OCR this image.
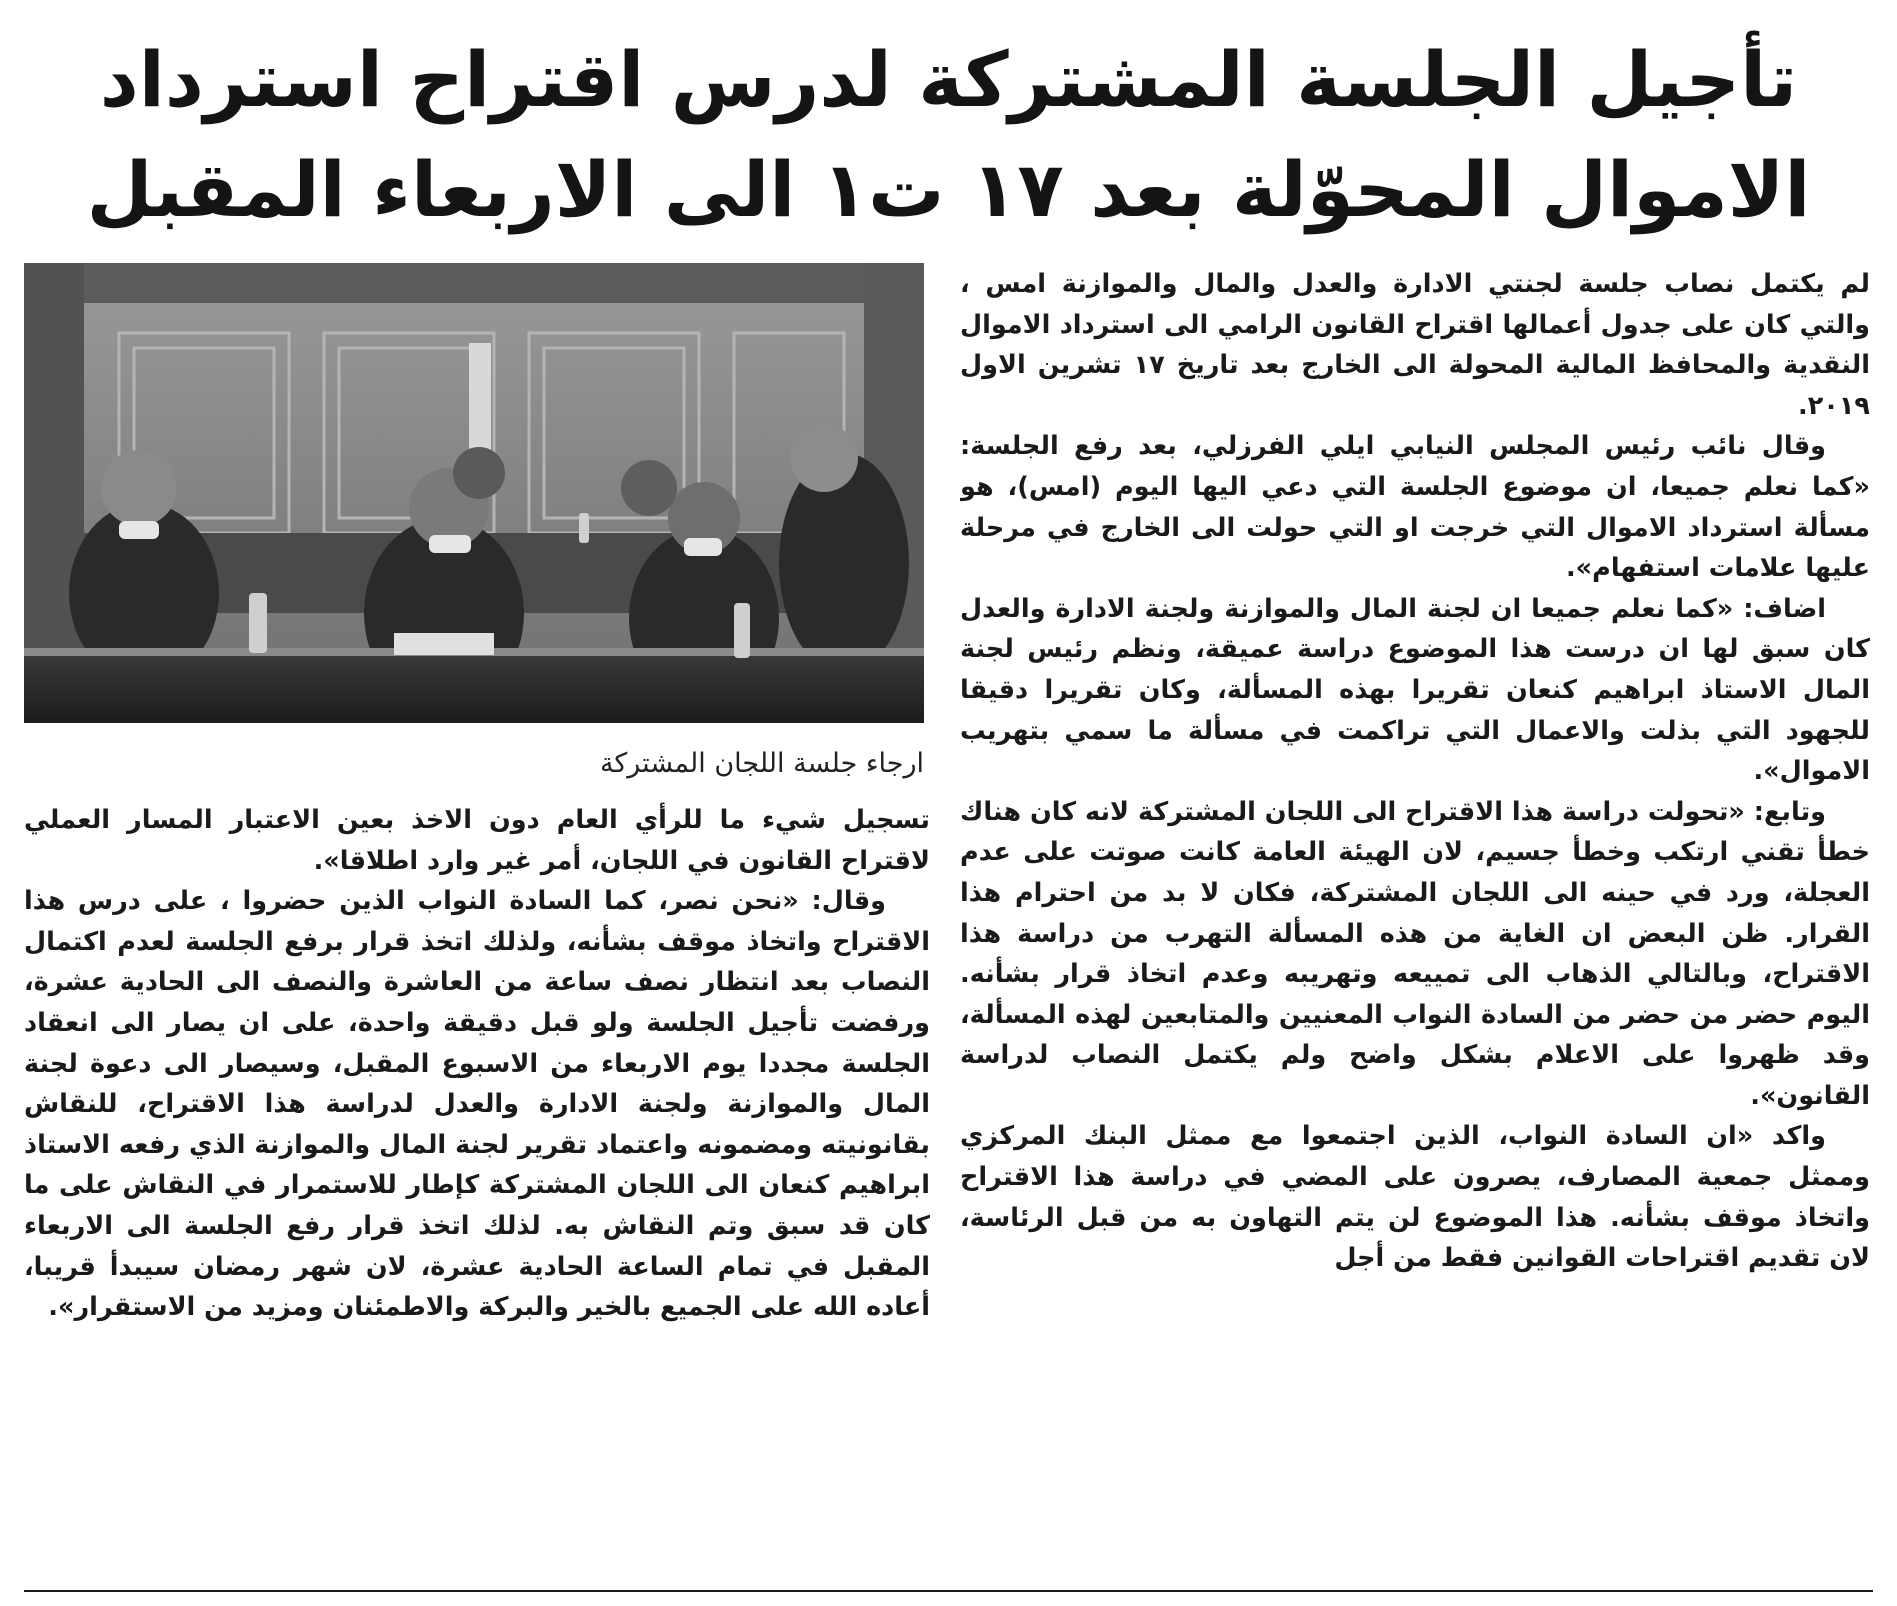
تأجيل الجلسة المشتركة لدرس اقتراح استرداد
الاموال المحوّلة بعد ١٧ ت١ الى الاربعاء المقبل

لم يكتمل نصاب جلسة لجنتي الادارة والعدل والمال والموازنة امس ، والتي كان على جدول أعمالها اقتراح القانون الرامي الى استرداد الاموال النقدية والمحافظ المالية المحولة الى الخارج بعد تاريخ ١٧ تشرين الاول ٢٠١٩.

وقال نائب رئيس المجلس النيابي ايلي الفرزلي، بعد رفع الجلسة: «كما نعلم جميعا، ان موضوع الجلسة التي دعي اليها اليوم (امس)، هو مسألة استرداد الاموال التي خرجت او التي حولت الى الخارج في مرحلة عليها علامات استفهام».

اضاف: «كما نعلم جميعا ان لجنة المال والموازنة ولجنة الادارة والعدل كان سبق لها ان درست هذا الموضوع دراسة عميقة، ونظم رئيس لجنة المال الاستاذ ابراهيم كنعان تقريرا بهذه المسألة، وكان تقريرا دقيقا للجهود التي بذلت والاعمال التي تراكمت في مسألة ما سمي بتهريب الاموال».

وتابع: «تحولت دراسة هذا الاقتراح الى اللجان المشتركة لانه كان هناك خطأ تقني ارتكب وخطأ جسيم، لان الهيئة العامة كانت صوتت على عدم العجلة، ورد في حينه الى اللجان المشتركة، فكان لا بد من احترام هذا القرار. ظن البعض ان الغاية من هذه المسألة التهرب من دراسة هذا الاقتراح، وبالتالي الذهاب الى تمييعه وتهريبه وعدم اتخاذ قرار بشأنه. اليوم حضر من حضر من السادة النواب المعنيين والمتابعين لهذه المسألة، وقد ظهروا على الاعلام بشكل واضح ولم يكتمل النصاب لدراسة القانون».

واكد «ان السادة النواب، الذين اجتمعوا مع ممثل البنك المركزي وممثل جمعية المصارف، يصرون على المضي في دراسة هذا الاقتراح واتخاذ موقف بشأنه. هذا الموضوع لن يتم التهاون به من قبل الرئاسة، لان تقديم اقتراحات القوانين فقط من أجل

ارجاء جلسة اللجان المشتركة

تسجيل شيء ما للرأي العام دون الاخذ بعين الاعتبار المسار العملي لاقتراح القانون في اللجان، أمر غير وارد اطلاقا».

وقال: «نحن نصر، كما السادة النواب الذين حضروا ، على درس هذا الاقتراح واتخاذ موقف بشأنه، ولذلك اتخذ قرار برفع الجلسة لعدم اكتمال النصاب بعد انتظار نصف ساعة من العاشرة والنصف الى الحادية عشرة، ورفضت تأجيل الجلسة ولو قبل دقيقة واحدة، على ان يصار الى انعقاد الجلسة مجددا يوم الاربعاء من الاسبوع المقبل، وسيصار الى دعوة لجنة المال والموازنة ولجنة الادارة والعدل لدراسة هذا الاقتراح، للنقاش بقانونيته ومضمونه واعتماد تقرير لجنة المال والموازنة الذي رفعه الاستاذ ابراهيم كنعان الى اللجان المشتركة كإطار للاستمرار في النقاش على ما كان قد سبق وتم النقاش به. لذلك اتخذ قرار رفع الجلسة الى الاربعاء المقبل في تمام الساعة الحادية عشرة، لان شهر رمضان سيبدأ قريبا، أعاده الله على الجميع بالخير والبركة والاطمئنان ومزيد من الاستقرار».
